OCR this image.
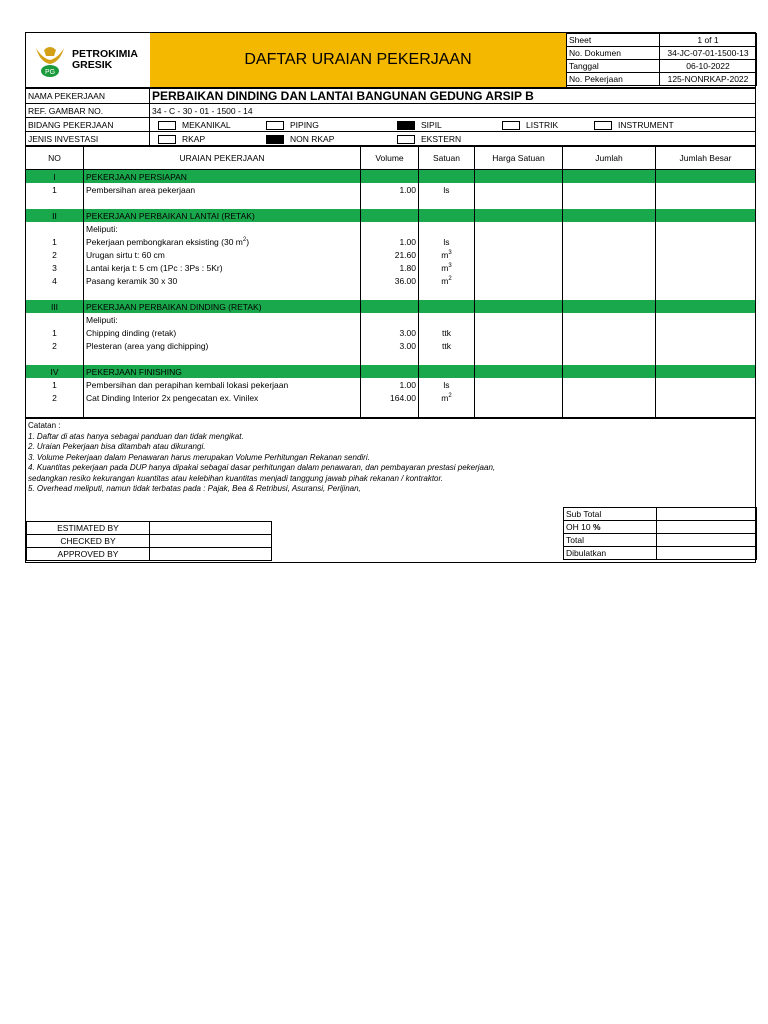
PG
PETROKIMIA
GRESIK	DAFTAR URAIAN PEKERJAAN
Sheet	1 of 1
No. Dokumen	34-JC-07-01-1500-13
Tanggal	06-10-2022
No. Pekerjaan	125-NONRKAP-2022
NAMA PEKERJAAN	PERBAIKAN DINDING DAN LANTAI BANGUNAN GEDUNG ARSIP B
REF. GAMBAR NO.	34 - C - 30 - 01 - 1500 - 14
BIDANG PEKERJAAN	MEKANIKAL PIPING SIPIL LISTRIK INSTRUMENT

JENIS INVESTASI	RKAP NON RKAP EKSTERN
NO	URAIAN PEKERJAAN	Volume	Satuan	Harga Satuan	Jumlah	Jumlah Besar
I	PEKERJAAN PERSIAPAN					
1	Pembersihan area pekerjaan	1.00	ls			

II	PEKERJAAN PERBAIKAN LANTAI (RETAK)					
	Meliputi:					
1	Pekerjaan pembongkaran eksisting (30 $m^2$)	1.00	ls			
2	Urugan sirtu t: 60 cm	21.60	$m^3$			
3	Lantai kerja t: 5 cm (1Pc : 3Ps : 5Kr)	1.80	$m^3$			
4	Pasang keramik 30 x 30	36.00	$m^2$			

III	PEKERJAAN PERBAIKAN DINDING (RETAK)					
	Meliputi:					
1	Chipping dinding (retak)	3.00	ttk			
2	Plesteran (area yang dichipping)	3.00	ttk			

IV	PEKERJAAN FINISHING					
1	Pembersihan dan perapihan kembali lokasi pekerjaan	1.00	ls			
2	Cat Dinding Interior 2x pengecatan ex. Vinilex	164.00	$m^2$			

Catatan :
1. Daftar di atas hanya sebagai panduan dan tidak mengikat.
2. Uraian Pekerjaan bisa ditambah atau dikurangi.
3. Volume Pekerjaan dalam Penawaran harus merupakan Volume Perhitungan Rekanan sendiri.
4. Kuantitas pekerjaan pada DUP hanya dipakai sebagai dasar perhitungan dalam penawaran, dan pembayaran prestasi pekerjaan, sedangkan resiko kekurangan kuantitas atau kelebihan kuantitas menjadi tanggung jawab pihak rekanan / kontraktor.
5. Overhead meliputi, namun tidak terbatas pada : Pajak, Bea & Retribusi, Asuransi, Perijinan,
ESTIMATED BY	
CHECKED BY	
APPROVED BY	
Sub Total	
OH 10 %	
Total	
Dibulatkan	
